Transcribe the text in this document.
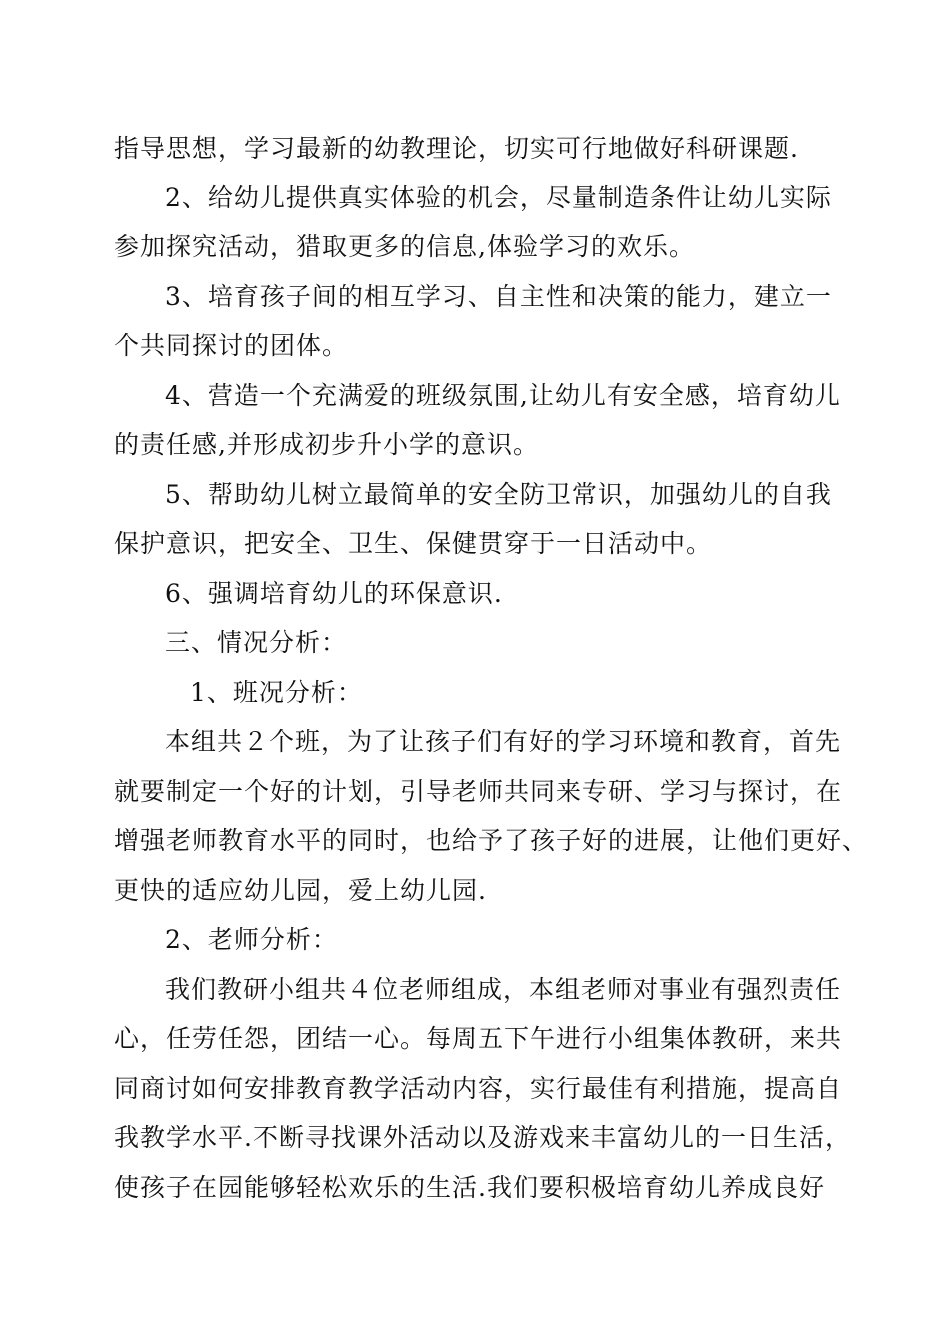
指导思想，学习最新的幼教理论，切实可行地做好科研课题.
2、给幼儿提供真实体验的机会，尽量制造条件让幼儿实际
参加探究活动，猎取更多的信息,体验学习的欢乐。
3、培育孩子间的相互学习、自主性和决策的能力，建立一
个共同探讨的团体。
4、营造一个充满爱的班级氛围,让幼儿有安全感，培育幼儿
的责任感,并形成初步升小学的意识。
5、帮助幼儿树立最简单的安全防卫常识，加强幼儿的自我
保护意识，把安全、卫生、保健贯穿于一日活动中。
6、强调培育幼儿的环保意识.
三、情况分析：
1、班况分析：
本组共２个班，为了让孩子们有好的学习环境和教育，首先
就要制定一个好的计划，引导老师共同来专研、学习与探讨，在
增强老师教育水平的同时，也给予了孩子好的进展，让他们更好、
更快的适应幼儿园，爱上幼儿园.
2、老师分析：
我们教研小组共４位老师组成，本组老师对事业有强烈责任
心，任劳任怨，团结一心。每周五下午进行小组集体教研，来共
同商讨如何安排教育教学活动内容，实行最佳有利措施，提高自
我教学水平.不断寻找课外活动以及游戏来丰富幼儿的一日生活，
使孩子在园能够轻松欢乐的生活.我们要积极培育幼儿养成良好
